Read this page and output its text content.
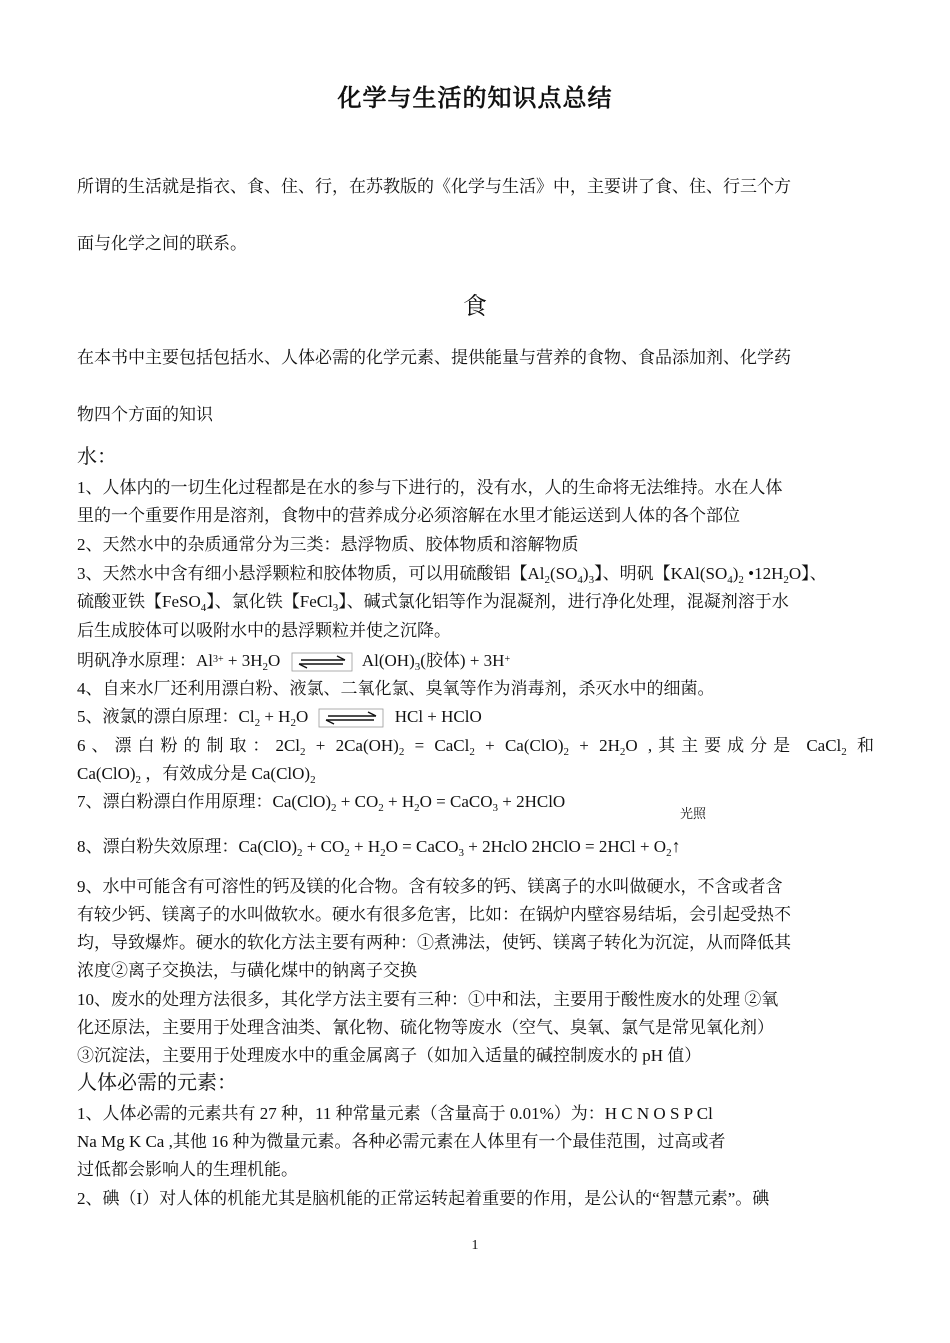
化学与生活的知识点总结
所谓的生活就是指衣、食、住、行，在苏教版的《化学与生活》中，主要讲了食、住、行三个方
面与化学之间的联系。
食
在本书中主要包括包括水、人体必需的化学元素、提供能量与营养的食物、食品添加剂、化学药
物四个方面的知识
水：
1、人体内的一切生化过程都是在水的参与下进行的，没有水，人的生命将无法维持。水在人体
里的一个重要作用是溶剂，食物中的营养成分必须溶解在水里才能运送到人体的各个部位
2、天然水中的杂质通常分为三类：悬浮物质、胶体物质和溶解物质
3、天然水中含有细小悬浮颗粒和胶体物质，可以用硫酸铝【$Al_2(SO_4)_3$】、明矾【$KAl(SO_4)_2$ $•12H_2O$】、
硫酸亚铁【FeSO$_4$】、氯化铁【FeCl$_3$】、碱式氯化铝等作为混凝剂，进行净化处理，混凝剂溶于水
后生成胶体可以吸附水中的悬浮颗粒并使之沉降。
明矾净水原理：$Al^{3+} + 3H_2O$	$Al(OH)_3$(胶体) + 3H+
4、自来水厂还利用漂白粉、液氯、二氧化氯、臭氧等作为消毒剂，杀灭水中的细菌。
5、液氯的漂白原理：$Cl_2 + H_2O$	HCl + HClO
6、漂白粉的制取：$2Cl_2 + 2Ca(OH)_2$ = CaCl$_2$ + $Ca(ClO)_2 + 2H_2O$ ,其主要成分是 CaCl$_2$ 和
$Ca(ClO)_2$ ，有效成分是 $Ca(ClO)_2$
7、漂白粉漂白作用原理：$Ca(ClO)_2 + CO_2 + H_2O$ = CaCO$_3$ + 2HClO
光照
8、漂白粉失效原理：$Ca(ClO)_2 + CO_2 + H_2O$ = CaCO$_3$ + 2HclO 2HClO = $2HCl + O_2↑$
9、水中可能含有可溶性的钙及镁的化合物。含有较多的钙、镁离子的水叫做硬水，不含或者含
有较少钙、镁离子的水叫做软水。硬水有很多危害，比如：在锅炉内壁容易结垢，会引起受热不
均，导致爆炸。硬水的软化方法主要有两种：①煮沸法，使钙、镁离子转化为沉淀，从而降低其
浓度②离子交换法，与磺化煤中的钠离子交换
10、废水的处理方法很多，其化学方法主要有三种：①中和法，主要用于酸性废水的处理 ②氧
化还原法，主要用于处理含油类、氰化物、硫化物等废水（空气、臭氧、氯气是常见氧化剂）
③沉淀法，主要用于处理废水中的重金属离子（如加入适量的碱控制废水的 pH 值）
人体必需的元素：
1、人体必需的元素共有 27 种，11 种常量元素（含量高于 0.01%）为：H C N O S P Cl
Na Mg K Ca ,其他 16 种为微量元素。各种必需元素在人体里有一个最佳范围，过高或者
过低都会影响人的生理机能。
2、碘（I）对人体的机能尤其是脑机能的正常运转起着重要的作用，是公认的“智慧元素”。碘
1
